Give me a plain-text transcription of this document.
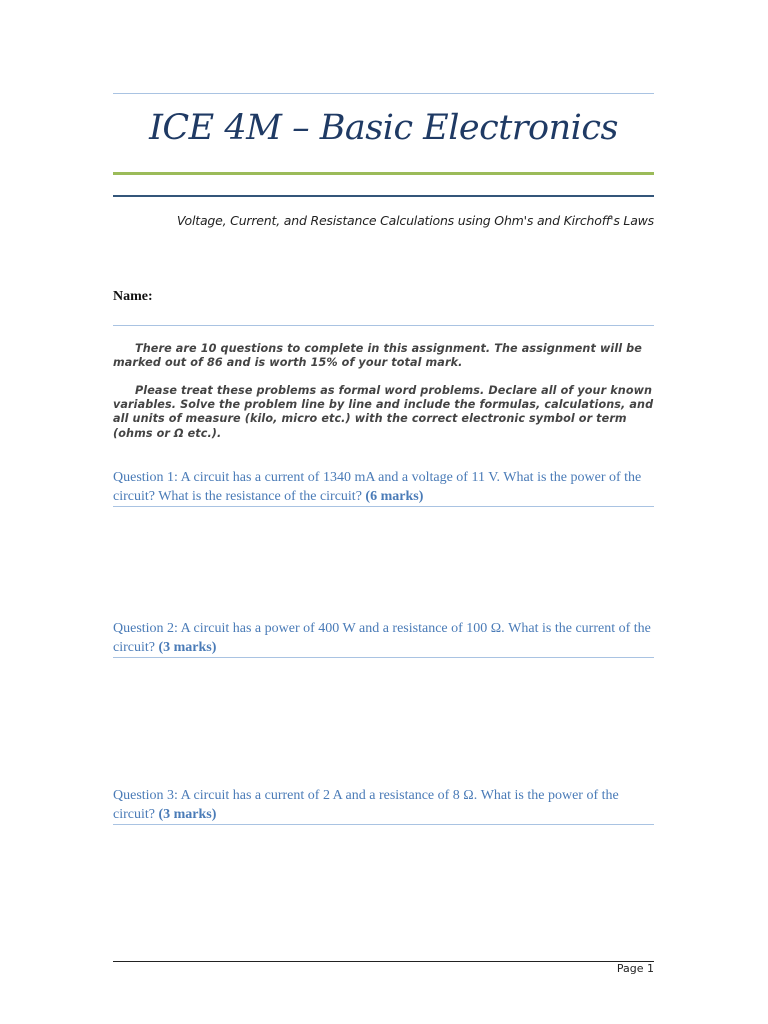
ICE 4M – Basic Electronics
Voltage, Current, and Resistance Calculations using Ohm's and Kirchoff's Laws
Name:
There are 10 questions to complete in this assignment. The assignment will be marked out of 86 and is worth 15% of your total mark.
Please treat these problems as formal word problems. Declare all of your known variables. Solve the problem line by line and include the formulas, calculations, and all units of measure (kilo, micro etc.) with the correct electronic symbol or term (ohms or Ω etc.).
Question 1: A circuit has a current of 1340 mA and a voltage of 11 V. What is the power of the circuit? What is the resistance of the circuit? (6 marks)
Question 2: A circuit has a power of 400 W and a resistance of 100 Ω. What is the current of the circuit? (3 marks)
Question 3: A circuit has a current of 2 A and a resistance of 8 Ω. What is the power of the circuit? (3 marks)
Page 1
